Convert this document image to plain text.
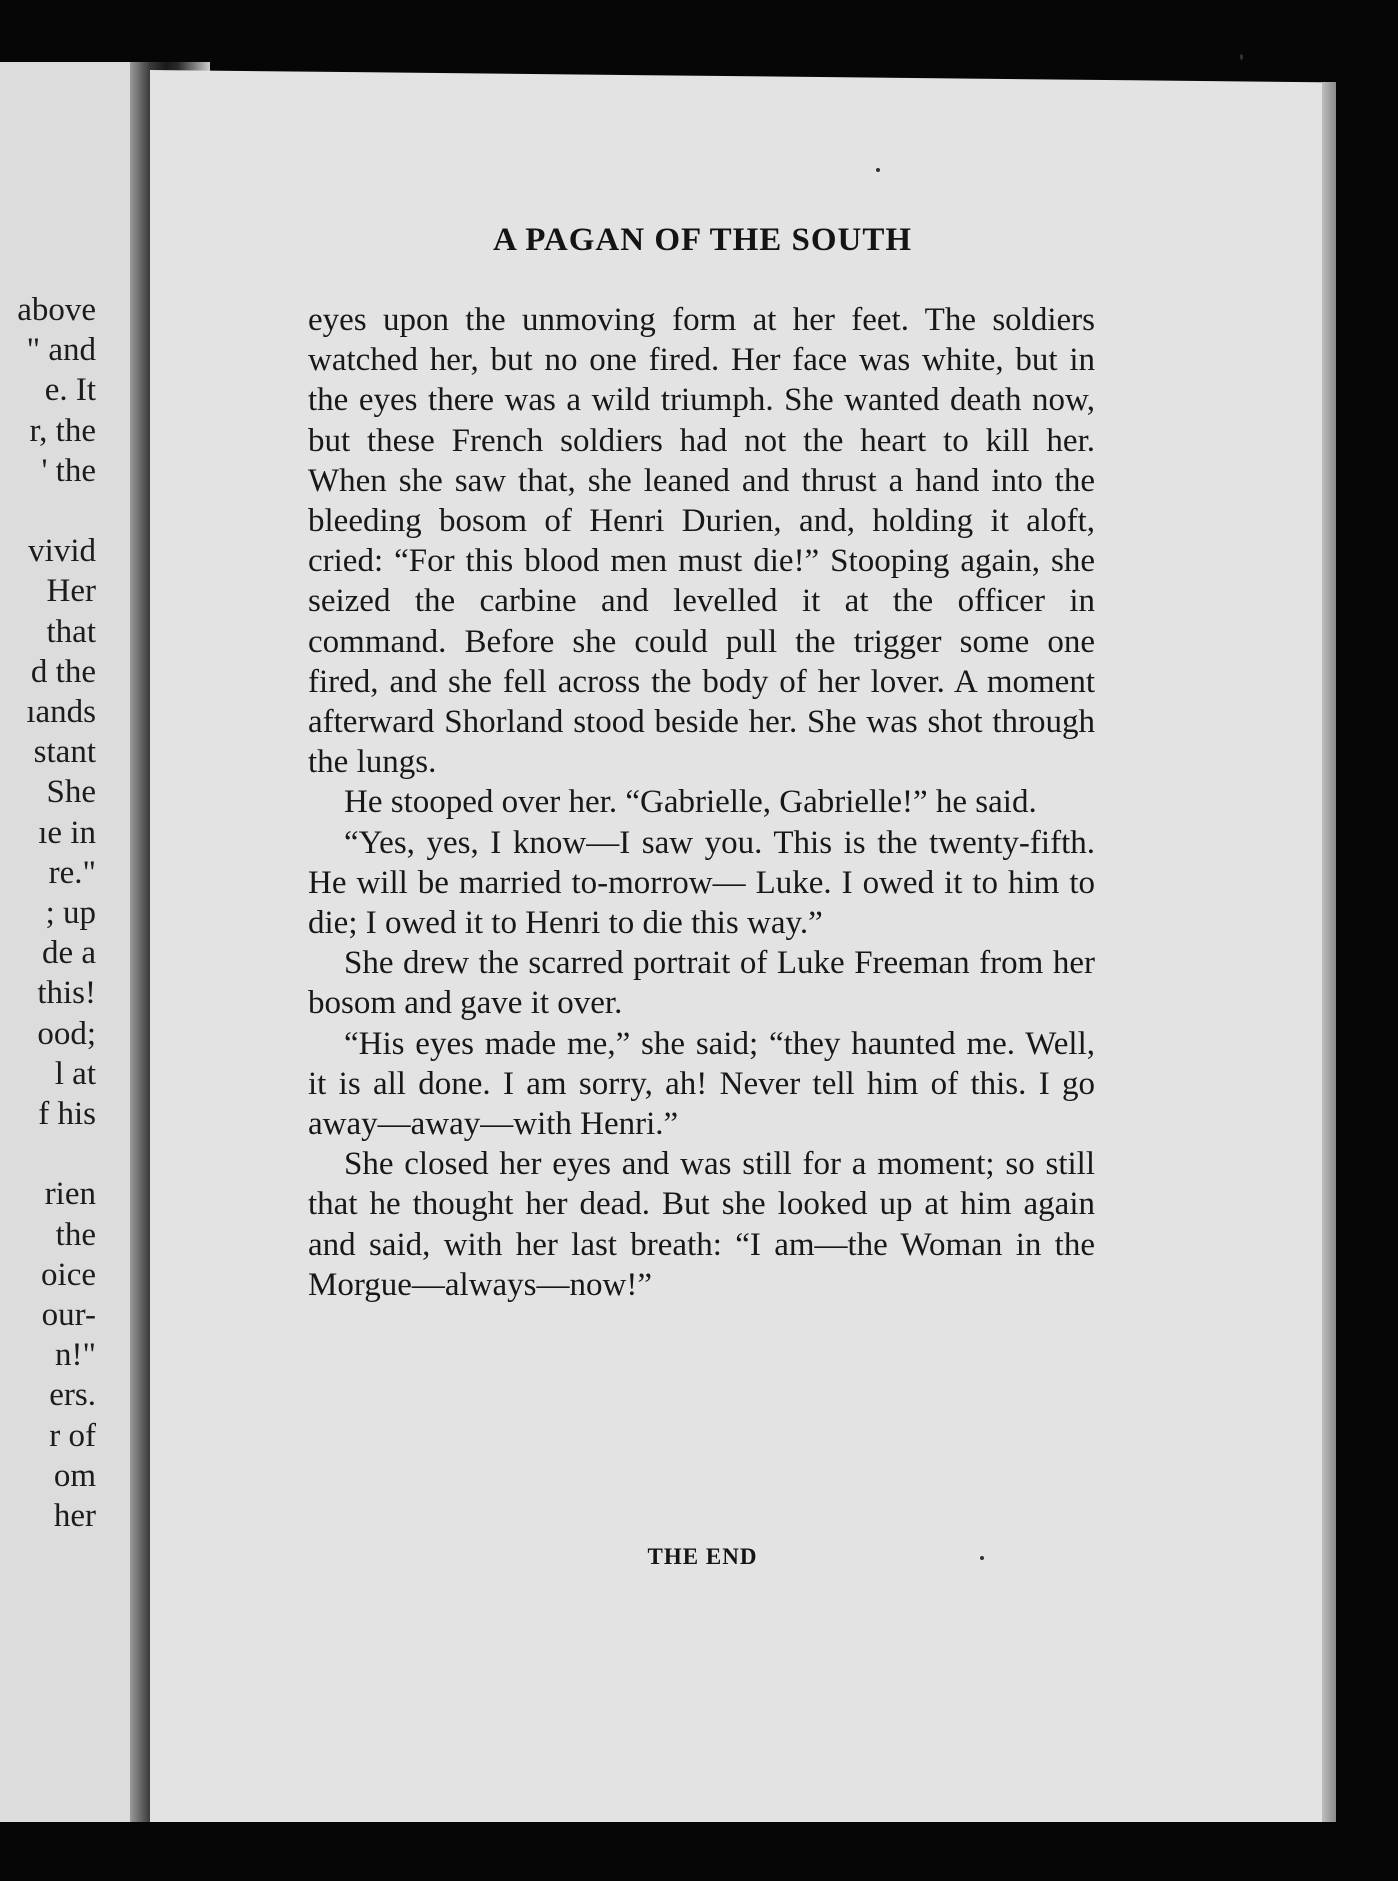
above
" and
e. It
r, the
' the
vivid
Her
that
d the
ıands
stant
She
ıe in
re."
; up
de a
this!
ood;
l at
f his
rien
the
oice
our-
n!"
ers.
r of
om
her
A PAGAN OF THE SOUTH

eyes upon the unmoving form at her feet. The soldiers watched her, but no one fired. Her face was white, but in the eyes there was a wild triumph. She wanted death now, but these French soldiers had not the heart to kill her. When she saw that, she leaned and thrust a hand into the bleeding bosom of Henri Durien, and, holding it aloft, cried: “For this blood men must die!” Stooping again, she seized the carbine and levelled it at the officer in command. Before she could pull the trigger some one fired, and she fell across the body of her lover. A moment afterward Shorland stood beside her. She was shot through the lungs.

He stooped over her. “Gabrielle, Gabrielle!” he said.

“Yes, yes, I know—I saw you. This is the twenty-fifth. He will be married to-morrow— Luke. I owed it to him to die; I owed it to Henri to die this way.”

She drew the scarred portrait of Luke Freeman from her bosom and gave it over.

“His eyes made me,” she said; “they haunted me. Well, it is all done. I am sorry, ah! Never tell him of this. I go away—away—with Henri.”

She closed her eyes and was still for a moment; so still that he thought her dead. But she looked up at him again and said, with her last breath: “I am—the Woman in the Morgue—always—now!”

THE END
